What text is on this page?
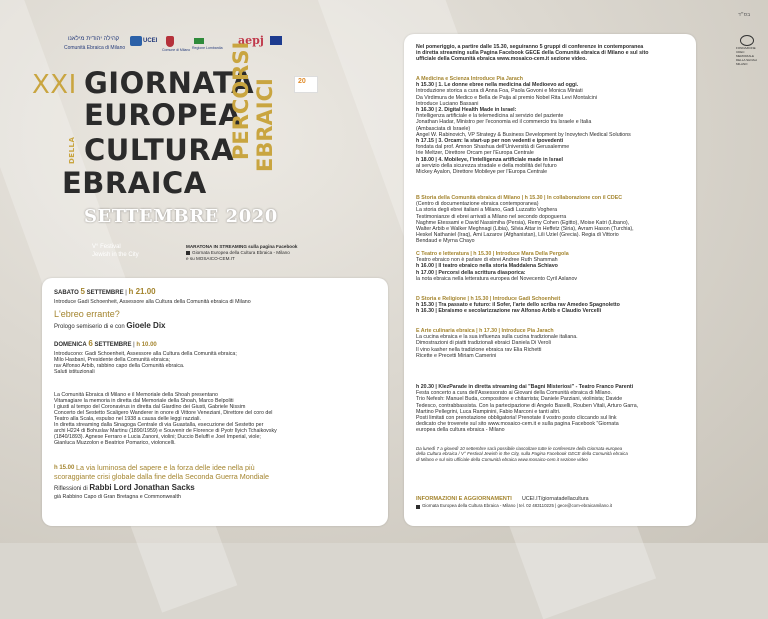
קהילה יהודית מילאנו
Comunità Ebraica di Milano
UCEI
Comune di Milano Regione Lombardia
aepj
20
בס״ד
FONDAZIONE
CDEC
MEMORIALE
DELLA SHOAH
MILANO
XXI GIORNATA
EUROPEA
DELLA CULTURA
EBRAICA
PERCORSI EBRAICI
SETTEMBRE 2020
V° Festival
Jewish in the City
MARATONA IN STREAMING sulla pagina Facebook
Giornata Europea della Cultura Ebraica - Milano
e su MOSAICO-CEM.IT
SABATO 5 SETTEMBRE | h 21.00
Introduce Gadi Schoenheit, Assessore alla Cultura della Comunità ebraica di Milano
L'ebreo errante?
Prologo semiserio di e con Gioele Dix
DOMENICA 6 SETTEMBRE | h 10.00
Introducono: Gadi Schoenheit, Assessore alla Cultura della Comunità ebraica;
Milo Hasbani, Presidente della Comunità ebraica;
rav Alfonso Arbib, rabbino capo della Comunità ebraica.
Saluti istituzionali
La Comunità Ebraica di Milano e il Memoriale della Shoah presentano
Vitamagiare la memoria in diretta dal Memoriale della Shoah, Marco Belpoliti
I giusti al tempo del Coronavirus in diretta dal Giardino dei Giusti, Gabriele Nissim
Concerto del Sestetto Scaligero Wanderer in onore di Vittore Veneziani, Direttore del coro del
Teatro alla Scala, espulso nel 1938 a causa delle leggi razziali.
In diretta streaming dalla Sinagoga Centrale di via Guastalla, esecuzione del Sestetto per
archi H224 di Bohuslav Martinu (1890/1959) e Souvenir de Florence di Pyotr Ilyich Tchaikovsky
(1840/1893). Agnese Ferraro e Lucia Zanoni, violini; Duccio Beluffi e Joel Imperial, viole;
Gianluca Muzzolon e Beatrice Pomarico, violoncelli.
h 15.00 La via luminosa del sapere e la forza delle idee nella più
scoraggiante crisi globale dalla fine della Seconda Guerra Mondiale
Riflessioni di Rabbi Lord Jonathan Sacks
già Rabbino Capo di Gran Bretagna e Commonwealth
Nel pomeriggio, a partire dalle 15.30, seguiranno 5 gruppi di conferenze in contemporanea
in diretta streaming sulla Pagina Facebook GECE della Comunità ebraica di Milano e sul sito
ufficiale della Comunità ebraica www.mosaico-cem.it sezione video.
INFORMAZIONI E AGGIORNAMENTI UCEI.IT/giornatadellacultura
Giornata Europea della Cultura Ebraica - Milano | tel. 02 483110225 | gece@com-ebraicamilano.it
A Medicina e Scienza Introduce Pia Jarach
h 15.30 | 1. Le donne ebree nella medicina dal Medioevo ad oggi.
Introduzione storica a cura di Anna Foa, Paola Govoni e Monica Miniati
Da Virdimura de Medico e Bella de Paija al premio Nobel Rita Levi Montalcini
Introduce Luciano Bassani
h 16.30 | 2. Digital Health Made in Israel:
l'intelligenza artificiale e la telemedicina al servizio del paziente
Jonathan Hadar, Ministro per l'economia ed il commercio tra Israele e Italia
(Ambasciata di Israele)
Angel W. Rabinovich, VP Strategy & Business Development by Inovytech Medical Solutions
h 17.15 | 3. Orcam: la start-up per non vedenti e ipovedenti
fondata dal prof. Amnon Shashua dell'Università di Gerusalemme
Irie Meltzer, Direttore Orcam per l'Europa Centrale
h 18.00 | 4. Mobileye, l'intelligenza artificiale made in Israel
al servizio della sicurezza stradale e della mobilità del futuro
Mickey Ayalon, Direttore Mobileye per l'Europa Centrale
B Storia della Comunità ebraica di Milano | h 15.30 | In collaborazione con il CDEC
(Centro di documentazione ebraica contemporanea)
La storia degli ebrei italiani a Milano, Gadi Luzzatto Voghera
Testimonianze di ebrei arrivati a Milano nel secondo dopoguerra
Naghme Etessami e David Nassimiha (Persia), Remy Cohen (Egitto), Moise Katri (Libano),
Walter Arbib e Walker Meghnagi (Libia), Silvia Attar in Heffetz (Siria), Avram Hason (Turchia),
Heskel Nathaniel (Iraq), Ami Lazarov (Afghanistan), Lili Uziel (Grecia). Regia di Vittorio
Bendaud e Myrna Chayo
C Teatro e letteratura | h 15.30 | Introduce Mara Della Pergola
Teatro ebraico non è parlare di ebrei Andree Ruth Shammah
h 16.00 | Il teatro ebraico nella storia Maddalena Schiavo
h 17.00 | Percorsi della scrittura diasporica:
la nota ebraica nella letteratura europea del Novecento Cyril Aslanov
D Storia e Religione | h 15.30 | Introduce Gadi Schoenheit
h 15.30 | Tra passato e futuro: il Sofer, l'arte dello scriba rav Amedeo Spagnoletto
h 16.30 | Ebraismo e secolarizzazione rav Alfonso Arbib e Claudio Vercelli
E Arte culinaria ebraica | h 17.30 | Introduce Pia Jarach
La cucina ebraica e la sua influenza sulla cucina tradizionale italiana.
Dimostrazioni di piatti tradizionali ebraici Daniela Di Veroli
Il vino kasher nella tradizione ebraica rav Elia Richetti
Ricette e Precetti Miriam Camerini
h 20.30 | KlezParade in diretta streaming dai "Bagni Misteriosi" - Teatro Franco Parenti
Festa concerto a cura dell'Assessorato ai Giovani della Comunità ebraica di Milano.
Trio Nefesh: Manuel Buda, compositore e chitarrista; Daniele Parziani, violinista; Davide
Tedesco, contrabbassista. Con la partecipazione di Angelo Baselli, Rouben Vitali, Arturo Garra,
Martino Pellegrini, Luca Rampinini, Fabio Marconi e tanti altri.
Posti limitati con prenotazione obbligatoria! Prenotate il vostro posto cliccando sul link
dedicato che troverete sul sito www.mosaico-cem.it e sulla pagina Facebook "Giornata
europea della cultura ebraica - Milano
Da lunedì 7 a giovedì 10 settembre sarà possibile riascoltare tutte le conferenze della Giornata europea
della Cultura ebraica / V° Festival Jewish in the City, sulla Pagina Facebook GECE della Comunità ebraica
di Milano e sul sito ufficiale della Comunità ebraica www.mosaico-cem.it sezione video
